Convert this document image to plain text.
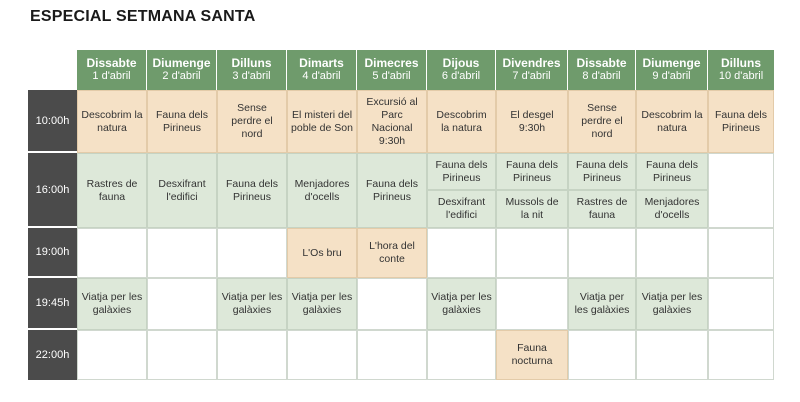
ESPECIAL SETMANA SANTA
Dissabte
1 d'abril
Diumenge
2 d'abril
Dilluns
3 d'abril
Dimarts
4 d'abril
Dimecres
5 d'abril
Dijous
6 d'abril
Divendres
7 d'abril
Dissabte
8 d'abril
Diumenge
9 d'abril
Dilluns
10 d'abril
10:00h
16:00h
19:00h
19:45h
22:00h
Descobrim la natura
Fauna dels Pirineus
Sense perdre el nord
El misteri del poble de Son
Excursió al Parc Nacional 9:30h
Descobrim la natura
El desgel 9:30h
Sense perdre el nord
Descobrim la natura
Fauna dels Pirineus
Rastres de fauna
Desxifrant l'edifici
Fauna dels Pirineus
Menjadores d'ocells
Fauna dels Pirineus
Fauna dels Pirineus
Desxifrant l'edifici
Fauna dels Pirineus
Mussols de la nit
Fauna dels Pirineus
Rastres de fauna
Fauna dels Pirineus
Menjadores d'ocells
L'Os bru
L'hora del conte
Viatja per les galàxies
Viatja per les galàxies
Viatja per les galàxies
Viatja per les galàxies
Viatja per les galàxies
Viatja per les galàxies
Fauna nocturna
